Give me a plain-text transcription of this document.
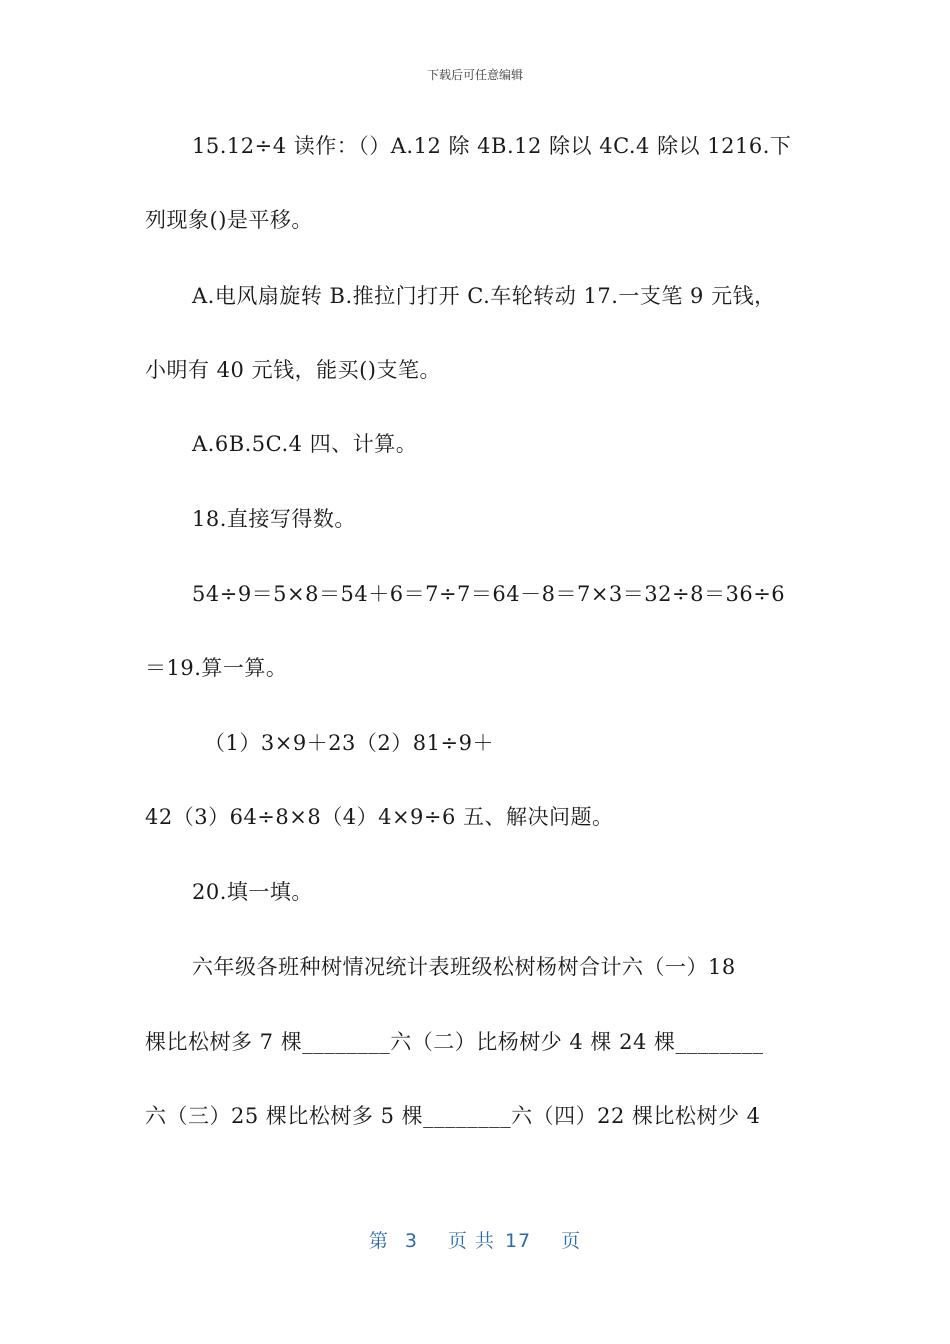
下载后可任意编辑
15.12÷4 读作：（）A.12 除 4B.12 除以 4C.4 除以 1216.下
列现象()是平移。
A.电风扇旋转 B.推拉门打开 C.车轮转动 17.一支笔 9 元钱，
小明有 40 元钱，能买()支笔。
A.6B.5C.4 四、计算。
18.直接写得数。
54÷9＝5×8＝54＋6＝7÷7＝64－8＝7×3＝32÷8＝36÷6
＝19.算一算。
（1）3×9＋23（2）81÷9＋
42（3）64÷8×8（4）4×9÷6 五、解决问题。
20.填一填。
六年级各班种树情况统计表班级松树杨树合计六（一）18
棵比松树多 7 棵________六（二）比杨树少 4 棵 24 棵________
六（三）25 棵比松树多 5 棵________六（四）22 棵比松树少 4
第 3 页 共 17 页
